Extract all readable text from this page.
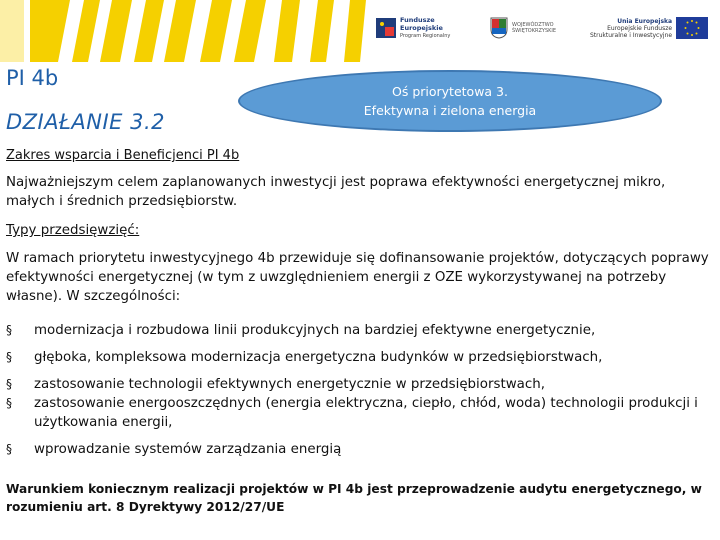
Fundusze
Europejskie
Program Regionalny
WOJEWÓDZTWO
ŚWIĘTOKRZYSKIE
Unia Europejska
Europejskie Fundusze
Strukturalne i Inwestycyjne
PI 4b
DZIAŁANIE 3.2
Oś priorytetowa 3.
Efektywna i zielona energia

Zakres wsparcia i Beneficjenci PI 4b

Najważniejszym celem zaplanowanych inwestycji jest poprawa efektywności energetycznej mikro, małych i średnich przedsiębiorstw.

Typy przedsięwzięć:

W ramach priorytetu inwestycyjnego 4b przewiduje się dofinansowanie projektów, dotyczących poprawy efektywności energetycznej (w tym z uwzględnieniem energii z OZE wykorzystywanej na potrzeby własne). W szczególności:

§	modernizacja i rozbudowa linii produkcyjnych na bardziej efektywne energetycznie,
§	głęboka, kompleksowa modernizacja energetyczna budynków w przedsiębiorstwach,
§	zastosowanie technologii efektywnych energetycznie w przedsiębiorstwach,
§	zastosowanie energooszczędnych (energia elektryczna, ciepło, chłód, woda) technologii produkcji i użytkowania energii,
§	wprowadzanie systemów zarządzania energią

Warunkiem koniecznym realizacji projektów w PI 4b jest przeprowadzenie audytu energetycznego, w rozumieniu art. 8 Dyrektywy 2012/27/UE
